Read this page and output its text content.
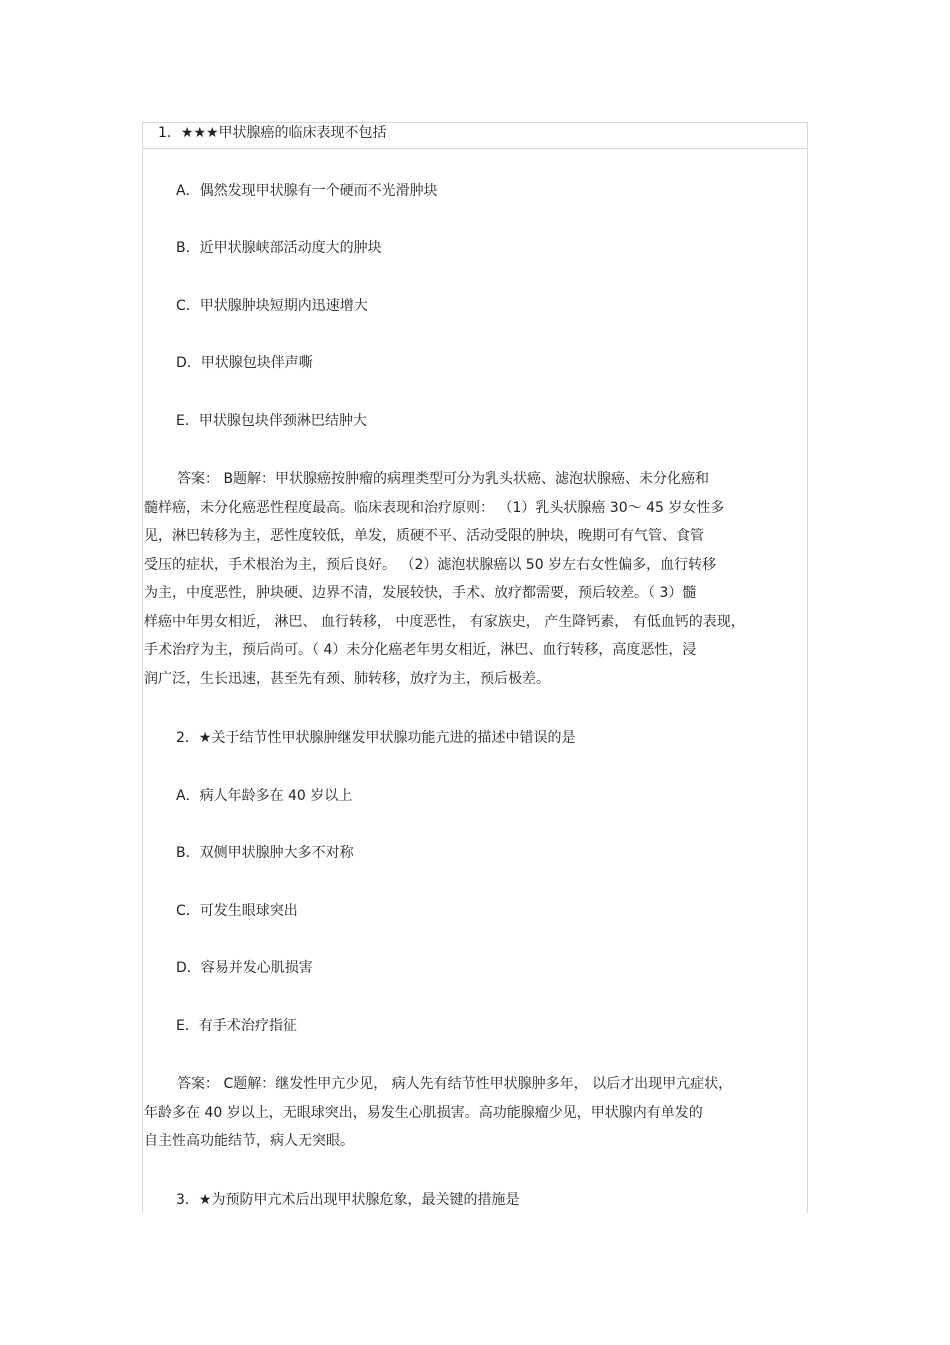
1．★★★甲状腺癌的临床表现不包括
A．偶然发现甲状腺有一个硬而不光滑肿块
B．近甲状腺峡部活动度大的肿块
C．甲状腺肿块短期内迅速增大
D．甲状腺包块伴声嘶
E．甲状腺包块伴颈淋巴结肿大

答案： B题解：甲状腺癌按肿瘤的病理类型可分为乳头状癌、滤泡状腺癌、未分化癌和

髓样癌，未分化癌恶性程度最高。临床表现和治疗原则： （1）乳头状腺癌 30～ 45 岁女性多

见，淋巴转移为主，恶性度较低，单发，质硬不平、活动受限的肿块，晚期可有气管、食管

受压的症状，手术根治为主，预后良好。 （2）滤泡状腺癌以 50 岁左右女性偏多，血行转移

为主，中度恶性，肿块硬、边界不清，发展较快，手术、放疗都需要，预后较差。（ 3）髓

样癌中年男女相近， 淋巴、 血行转移， 中度恶性， 有家族史， 产生降钙素， 有低血钙的表现，

手术治疗为主，预后尚可。（ 4）未分化癌老年男女相近，淋巴、血行转移，高度恶性，浸

润广泛，生长迅速，甚至先有颈、肺转移，放疗为主，预后极差。

2．★关于结节性甲状腺肿继发甲状腺功能亢进的描述中错误的是
A．病人年龄多在 40 岁以上
B．双侧甲状腺肿大多不对称
C．可发生眼球突出
D．容易并发心肌损害
E．有手术治疗指征

答案： C题解：继发性甲亢少见， 病人先有结节性甲状腺肿多年， 以后才出现甲亢症状，

年龄多在 40 岁以上，无眼球突出，易发生心肌损害。高功能腺瘤少见，甲状腺内有单发的

自主性高功能结节，病人无突眼。

3．★为预防甲亢术后出现甲状腺危象，最关键的措施是
